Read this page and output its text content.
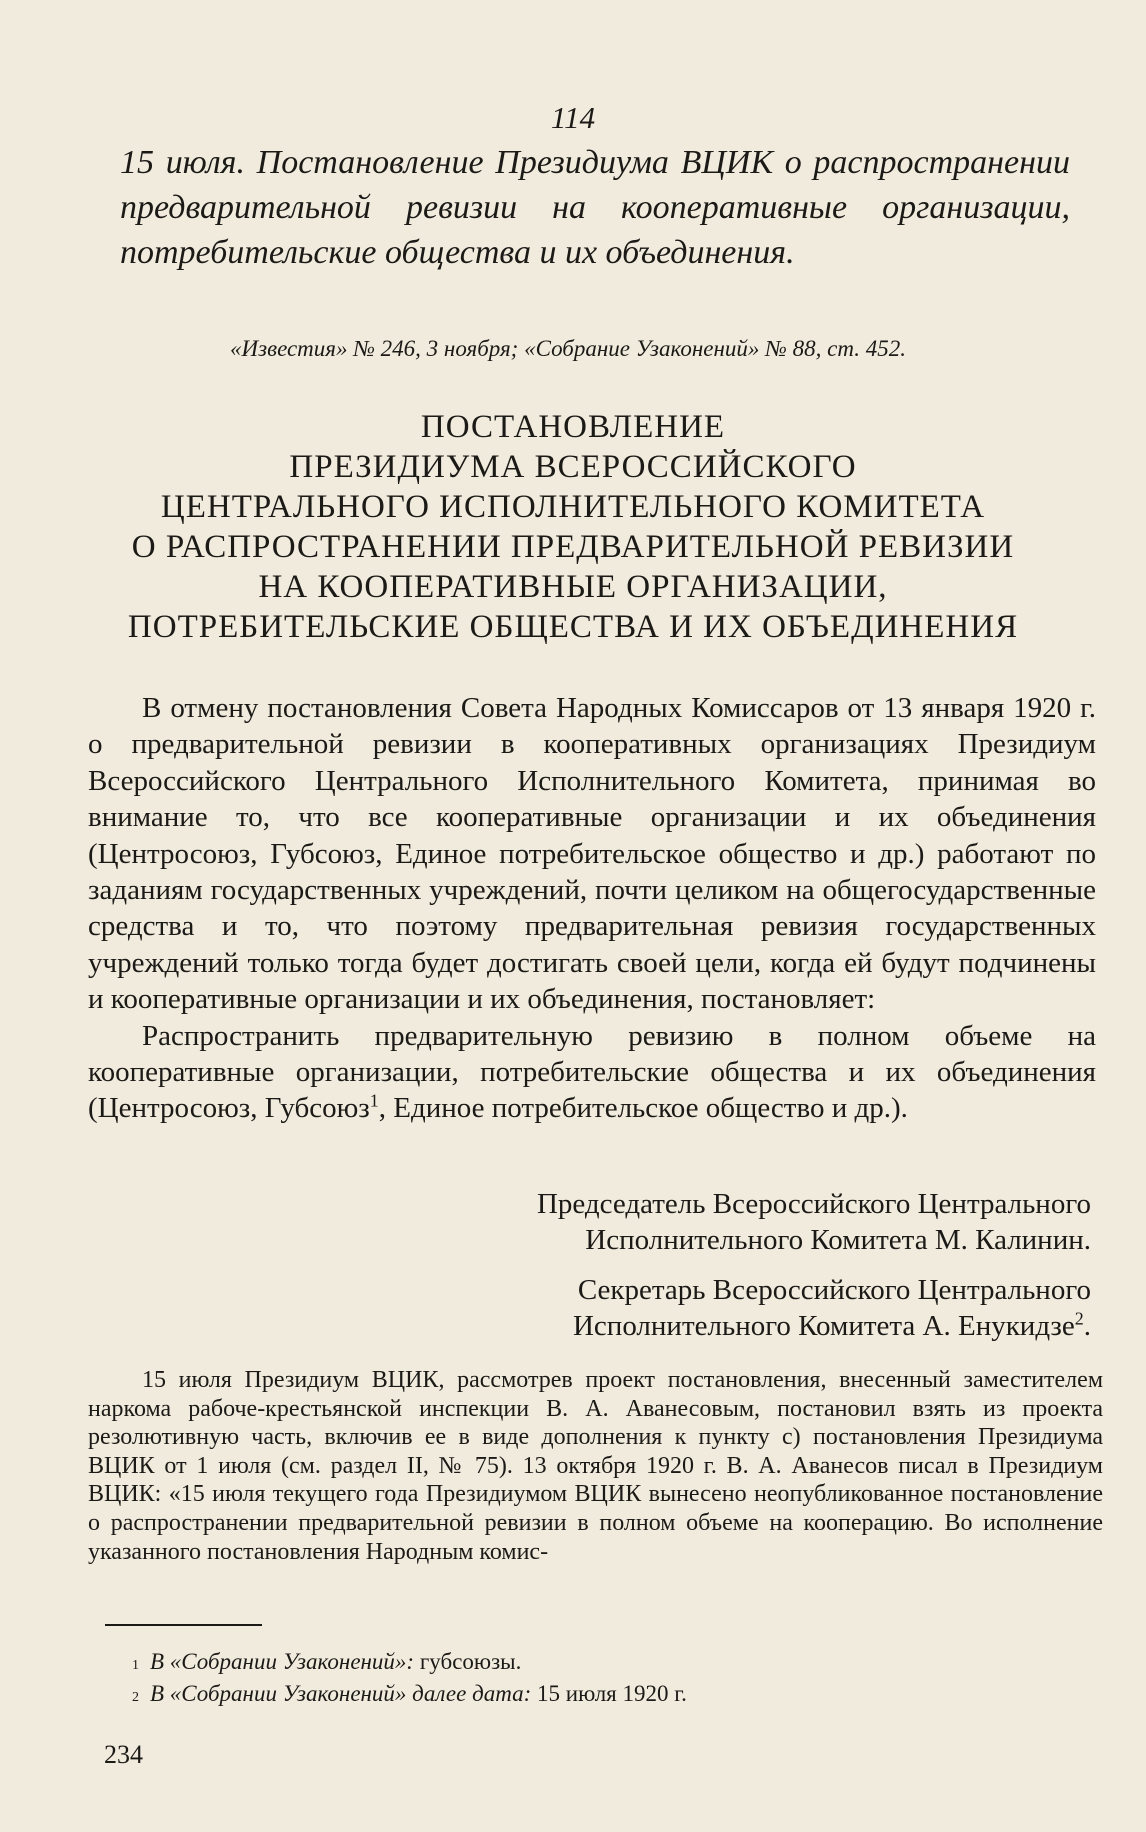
114
15 июля. Постановление Президиума ВЦИК о распространении предварительной ревизии на кооперативные организации, потребительские общества и их объединения.
«Известия» № 246, 3 ноября; «Собрание Узаконений» № 88, ст. 452.
ПОСТАНОВЛЕНИЕ
ПРЕЗИДИУМА ВСЕРОССИЙСКОГО
ЦЕНТРАЛЬНОГО ИСПОЛНИТЕЛЬНОГО КОМИТЕТА
О РАСПРОСТРАНЕНИИ ПРЕДВАРИТЕЛЬНОЙ РЕВИЗИИ
НА КООПЕРАТИВНЫЕ ОРГАНИЗАЦИИ,
ПОТРЕБИТЕЛЬСКИЕ ОБЩЕСТВА И ИХ ОБЪЕДИНЕНИЯ

В отмену постановления Совета Народных Комиссаров от 13 января 1920 г. о предварительной ревизии в кооперативных организациях Президиум Всероссийского Центрального Исполнительного Комитета, принимая во внимание то, что все кооперативные организации и их объединения (Центросоюз, Губсоюз, Единое потребительское общество и др.) работают по заданиям государственных учреждений, почти целиком на общегосударственные средства и то, что поэтому предварительная ревизия государственных учреждений только тогда будет достигать своей цели, когда ей будут подчинены и кооперативные организации и их объединения, постановляет:

Распространить предварительную ревизию в полном объеме на кооперативные организации, потребительские общества и их объединения (Центросоюз, Губсоюз$^1$, Единое потребительское общество и др.).

Председатель Всероссийского Центрального
Исполнительного Комитета М. Калинин.
Секретарь Всероссийского Центрального
Исполнительного Комитета А. Енукидзе$^2$.

15 июля Президиум ВЦИК, рассмотрев проект постановления, внесенный заместителем наркома рабоче-крестьянской инспекции В. А. Аванесовым, постановил взять из проекта резолютивную часть, включив ее в виде дополнения к пункту с) постановления Президиума ВЦИК от 1 июля (см. раздел II, № 75). 13 октября 1920 г. В. А. Аванесов писал в Президиум ВЦИК: «15 июля текущего года Президиумом ВЦИК вынесено неопубликованное постановление о распространении предварительной ревизии в полном объеме на кооперацию. Во исполнение указанного постановления Народным комис-

1 В «Собрании Узаконений»: губсоюзы.
2 В «Собрании Узаконений» далее дата: 15 июля 1920 г.
234
